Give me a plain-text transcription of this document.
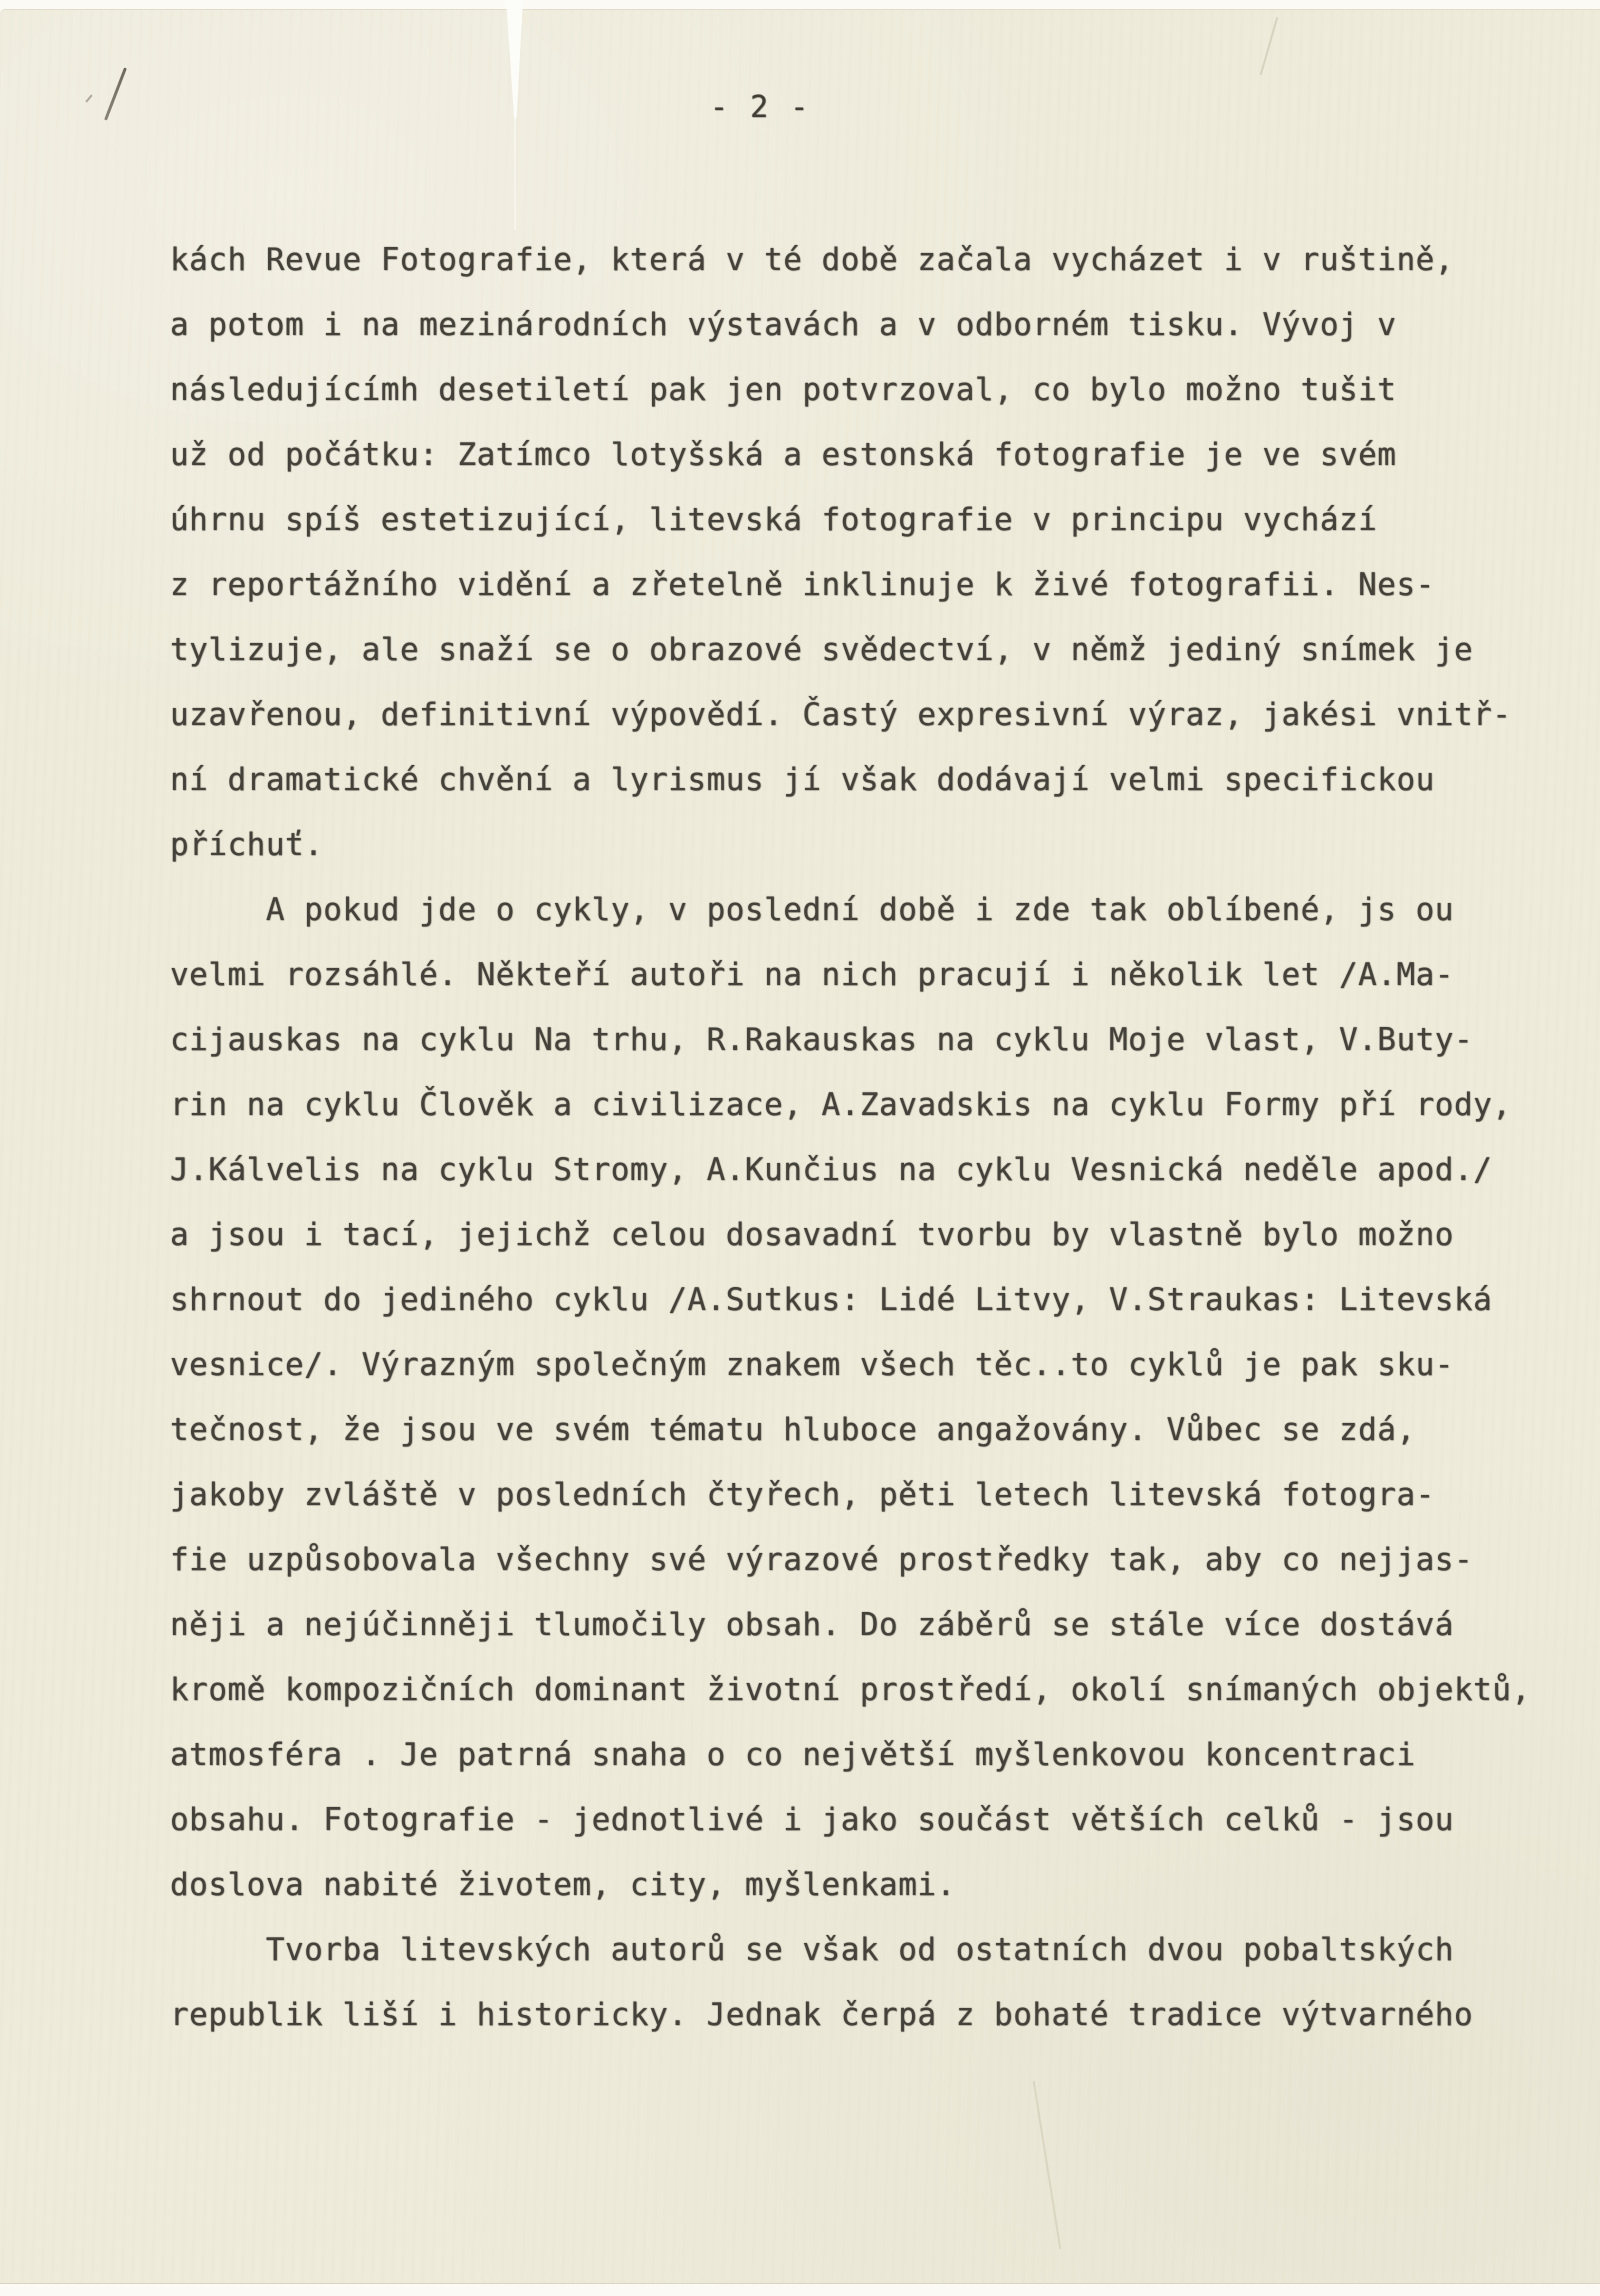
- 2 -
kách Revue Fotografie, která v té době začala vycházet i v ruštině,
a potom i na mezinárodních výstavách a v odborném tisku. Vývoj v
následujícímh desetiletí pak jen potvrzoval, co bylo možno tušit
už od počátku: Zatímco lotyšská a estonská fotografie je ve svém
úhrnu spíš estetizující, litevská fotografie v principu vychází
z reportážního vidění a zřetelně inklinuje k živé fotografii. Nes-
tylizuje, ale snaží se o obrazové svědectví, v němž jediný snímek je
uzavřenou, definitivní výpovědí. Častý expresivní výraz, jakési vnitř-
ní dramatické chvění a lyrismus jí však dodávají velmi specifickou
příchuť.
A pokud jde o cykly, v poslední době i zde tak oblíbené, js ou
velmi rozsáhlé. Někteří autoři na nich pracují i několik let /A.Ma-
cijauskas na cyklu Na trhu, R.Rakauskas na cyklu Moje vlast, V.Buty-
rin na cyklu Člověk a civilizace, A.Zavadskis na cyklu Formy pří rody,
J.Kálvelis na cyklu Stromy, A.Kunčius na cyklu Vesnická neděle apod./
a jsou i tací, jejichž celou dosavadní tvorbu by vlastně bylo možno
shrnout do jediného cyklu /A.Sutkus: Lidé Litvy, V.Straukas: Litevská
vesnice/. Výrazným společným znakem všech těc..to cyklů je pak sku-
tečnost, že jsou ve svém tématu hluboce angažovány. Vůbec se zdá,
jakoby zvláště v posledních čtyřech, pěti letech litevská fotogra-
fie uzpůsobovala všechny své výrazové prostředky tak, aby co nejjas-
něji a nejúčinněji tlumočily obsah. Do záběrů se stále více dostává
kromě kompozičních dominant životní prostředí, okolí snímaných objektů,
atmosféra . Je patrná snaha o co největší myšlenkovou koncentraci
obsahu. Fotografie - jednotlivé i jako součást větších celků - jsou
doslova nabité životem, city, myšlenkami.
Tvorba litevských autorů se však od ostatních dvou pobaltských
republik liší i historicky. Jednak čerpá z bohaté tradice výtvarného
